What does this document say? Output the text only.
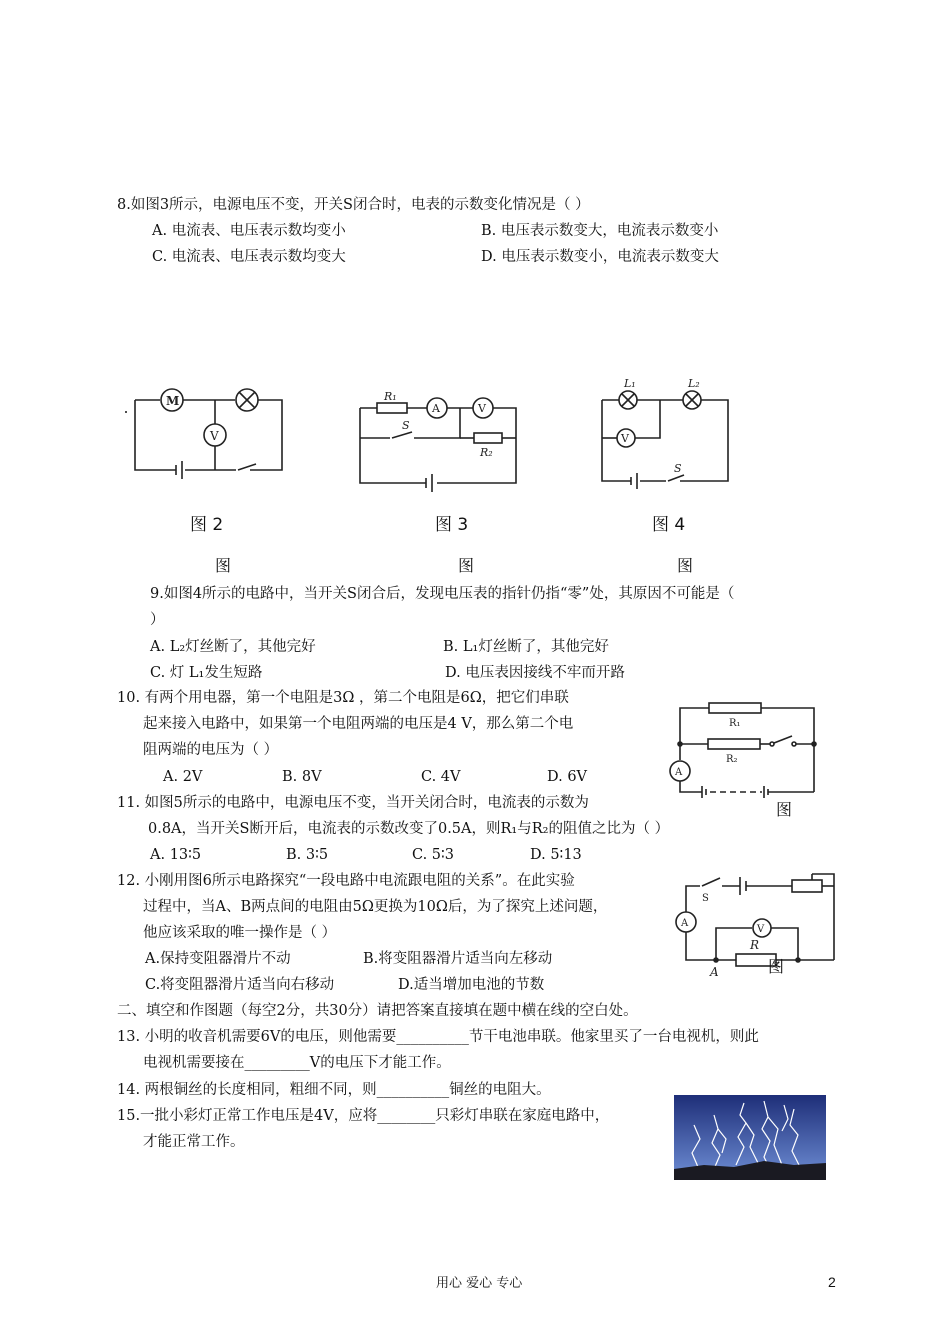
8.如图3所示，电源电压不变，开关S闭合时，电表的示数变化情况是（ ）
A. 电流表、电压表示数均变小	B. 电压表示数变大，电流表示数变小
C. 电流表、电压表示数均变大	D. 电压表示数变小，电流表示数变大
M
V
图 2
R₁
A	V
S
R₂
图 3
L₁	L₂
S
V
图 4
图	图	图
9.如图4所示的电路中，当开关S闭合后，发现电压表的指针仍指“零”处，其原因不可能是（
）
A. L₂灯丝断了，其他完好	B. L₁灯丝断了，其他完好
C. 灯 L₁发生短路	D. 电压表因接线不牢而开路
10. 有两个用电器，第一个电阻是3Ω ，第二个电阻是6Ω，把它们串联
起来接入电路中，如果第一个电阻两端的电压是4 V，那么第二个电
阻两端的电压为（ ）
A. 2V	B. 8V	C. 4V	D. 6V
R₁
R₂
A
图
11. 如图5所示的电路中，电源电压不变，当开关闭合时，电流表的示数为
0.8A，当开关S断开后，电流表的示数改变了0.5A，则R₁与R₂的阻值之比为（ ）
A. 13∶5	B. 3∶5	C. 5∶3	D. 5∶13
12. 小刚用图6所示电路探究“一段电路中电流跟电阻的关系”。在此实验
过程中，当A、B两点间的电阻由5Ω更换为10Ω后，为了探究上述问题，
他应该采取的唯一操作是（ ）
A.保持变阻器滑片不动	B.将变阻器滑片适当向左移动
C.将变阻器滑片适当向右移动	D.适当增加电池的节数
S
A
V
R
A	图
二、填空和作图题（每空2分，共30分）请把答案直接填在题中横在线的空白处。
13. 小明的收音机需要6V的电压，则他需要__________节干电池串联。他家里买了一台电视机，则此
电视机需要接在_________V的电压下才能工作。
14. 两根铜丝的长度相同，粗细不同，则__________铜丝的电阻大。
15.一批小彩灯正常工作电压是4V，应将________只彩灯串联在家庭电路中，
才能正常工作。
用心 爱心 专心	2
